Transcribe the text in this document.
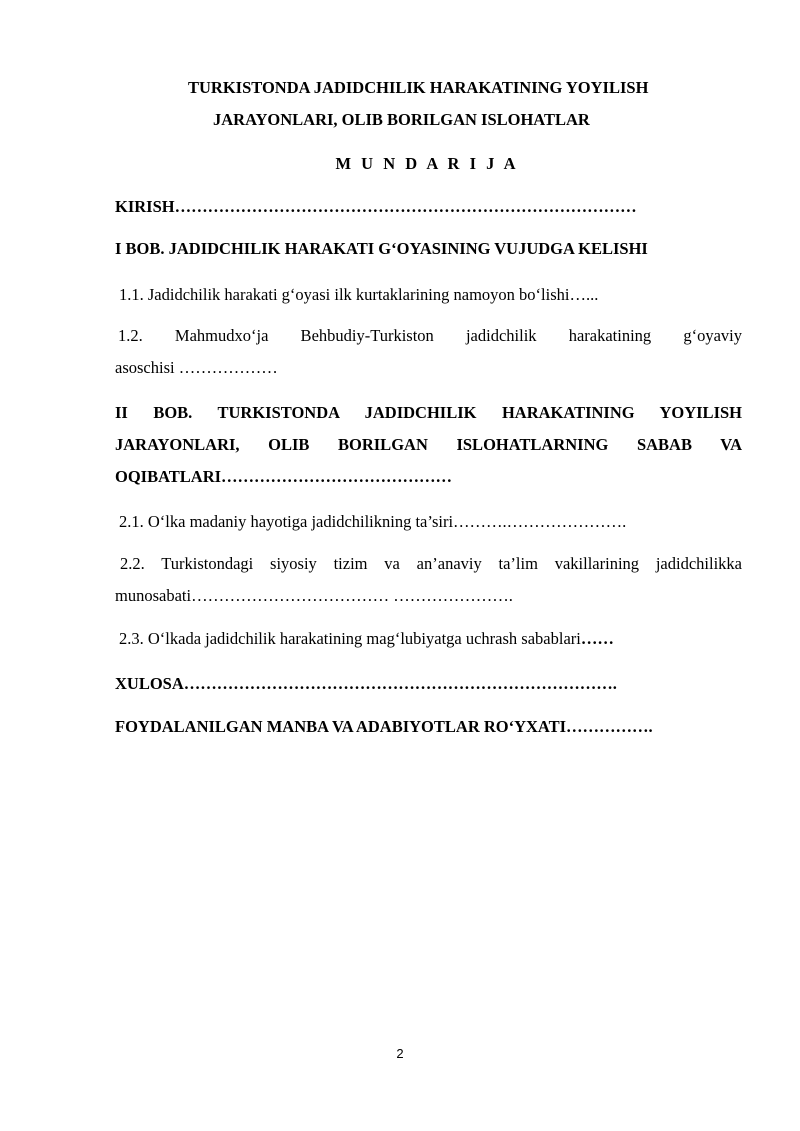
TURKISTONDA JADIDCHILIK HARAKATINING YOYILISH
JARAYONLARI, OLIB BORILGAN ISLOHATLAR
M U N D A R I J A
KIRISH…………………………………………………………………………
I BOB. JADIDCHILIK HARAKATI G‘OYASINING VUJUDGA KELISHI
1.1. Jadidchilik harakati g‘oyasi ilk kurtaklarining namoyon bo‘lishi…...
1.2. Mahmudxo‘ja Behbudiy-Turkiston jadidchilik harakatining g‘oyaviy
asoschisi ………………
II BOB. TURKISTONDA JADIDCHILIK HARAKATINING YOYILISH
JARAYONLARI, OLIB BORILGAN ISLOHATLARNING SABAB VA
OQIBATLARI……………………………………
2.1. O‘lka madaniy hayotiga jadidchilikning ta’siri……….………………….
2.2. Turkistondagi siyosiy tizim va an’anaviy ta’lim vakillarining jadidchilikka
munosabati……………………………… ………………….
2.3. O‘lkada jadidchilik harakatining mag‘lubiyatga uchrash sabablari……
XULOSA…………………………………………………………………….
FOYDALANILGAN MANBA VA ADABIYOTLAR RO‘YXATI…………….
2
